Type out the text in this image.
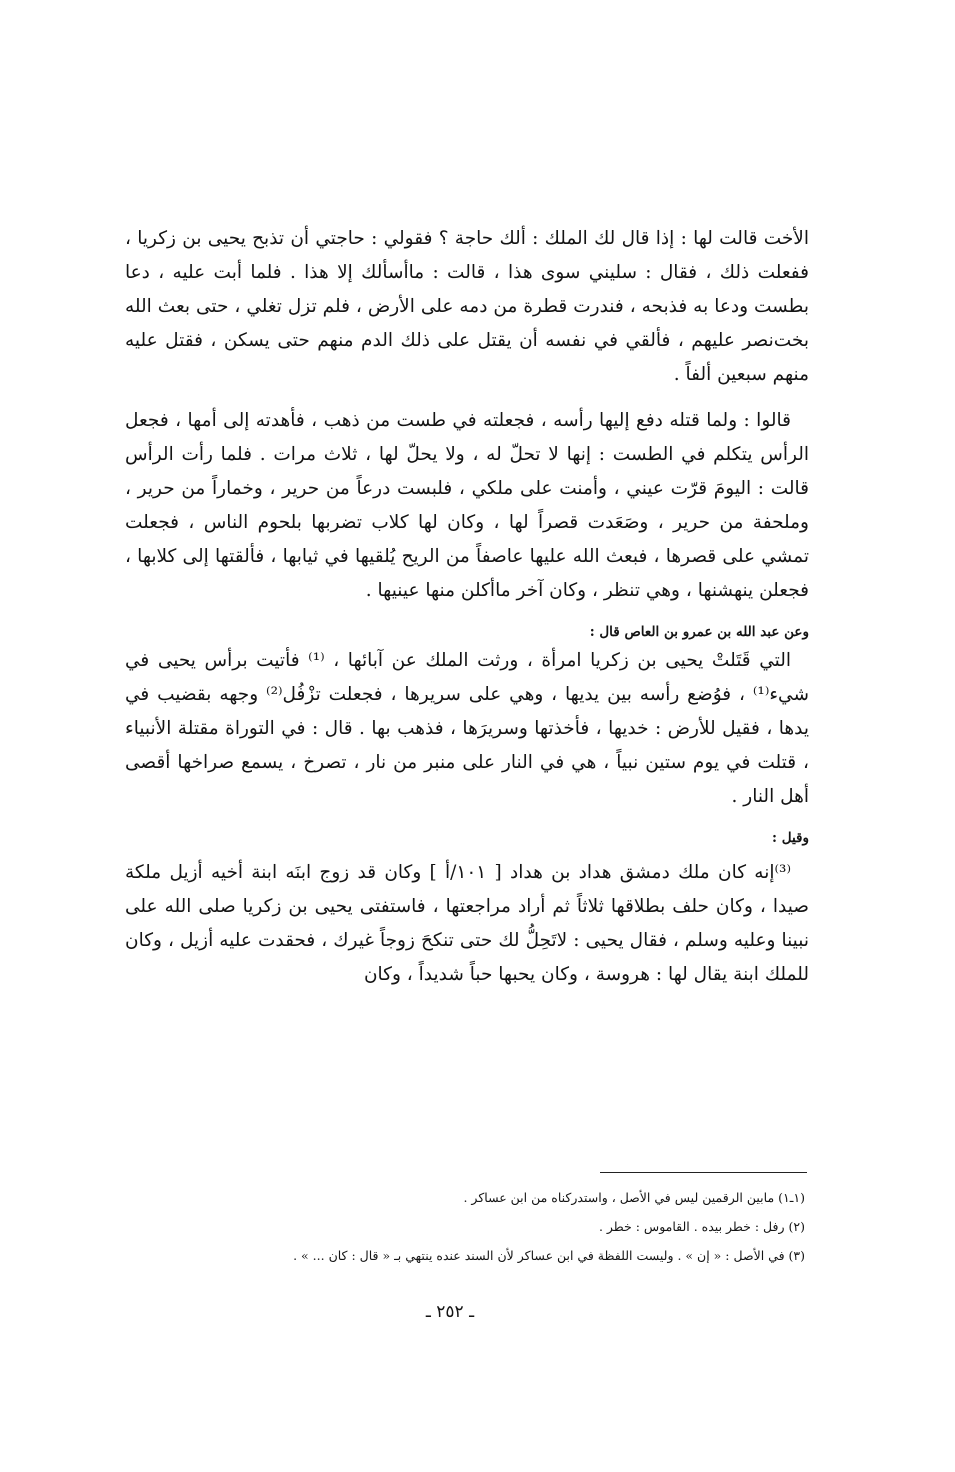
الأخت قالت لها : إذا قال لك الملك : ألك حاجة ؟ فقولي : حاجتي أن تذبح يحيى بن زكريا ، ففعلت ذلك ، فقال : سليني سوى هذا ، قالت : ماأسألك إلا هذا . فلما أبت عليه ، دعا بطست ودعا به فذبحه ، فندرت قطرة من دمه على الأرض ، فلم تزل تغلي ، حتى بعث الله بخت‌نصر عليهم ، فألقي في نفسه أن يقتل على ذلك الدم منهم حتى يسكن ، فقتل عليه منهم سبعين ألفاً .

قالوا : ولما قتله دفع إليها رأسه ، فجعلته في طست من ذهب ، فأهدته إلى أمها ، فجعل الرأس يتكلم في الطست : إنها لا تحلّ له ، ولا يحلّ لها ، ثلاث مرات . فلما رأت الرأس قالت : اليومَ قرّت عيني ، وأمنت على ملكي ، فلبست درعاً من حرير ، وخماراً من حرير ، وملحفة من حرير ، وصَعَدت قصراً لها ، وكان لها كلاب تضربها بلحوم الناس ، فجعلت تمشي على قصرها ، فبعث الله عليها عاصفاً من الريح يُلقيها في ثيابها ، فألقتها إلى كلابها ، فجعلن ينهشنها ، وهي تنظر ، وكان آخر ماأكلن منها عينيها .

وعن عبد الله بن عمرو بن العاص قال :

التي قَتَلتْ يحيى بن زكريا امرأة ، ورثت الملك عن آبائها ، ⁽¹⁾ فأتيت برأس يحيى في شيء⁽¹⁾ ، فوُضع رأسه بين يديها ، وهي على سريرها ، فجعلت تزْفُل⁽²⁾ وجهه بقضيب في يدها ، فقيل للأرض : خديها ، فأخذتها وسريرَها ، فذهب بها . قال : في التوراة مقتلة الأنبياء ، قتلت في يوم ستين نبياً ، هي في النار على منبر من نار ، تصرخ ، يسمع صراخها أقصى أهل النار .

وقيل :

⁽³⁾إنه كان ملك دمشق هداد بن هداد [ ١٠١/أ ] وكان قد زوج ابنَه ابنة أخيه أزيل ملكة صيدا ، وكان حلف بطلاقها ثلاثاً ثم أراد مراجعتها ، فاستفتى يحيى بن زكريا صلى الله على نبينا وعليه وسلم ، فقال يحيى : لاتَحِلُّ لك حتى تنكحَ زوجاً غيرك ، فحقدت عليه أزيل ، وكان للملك ابنة يقال لها : هروسة ، وكان يحبها حباً شديداً ، وكان

(١ـ١) مابين الرقمين ليس في الأصل ، واستدركناه من ابن عساكر .

(٢) رفل : خطر بيده . القاموس : خطر .

(٣) في الأصل : « إن » . وليست اللفظة في ابن عساكر لأن السند عنده ينتهي بـ « قال : كان ... » .

ـ ٢٥٢ ـ
